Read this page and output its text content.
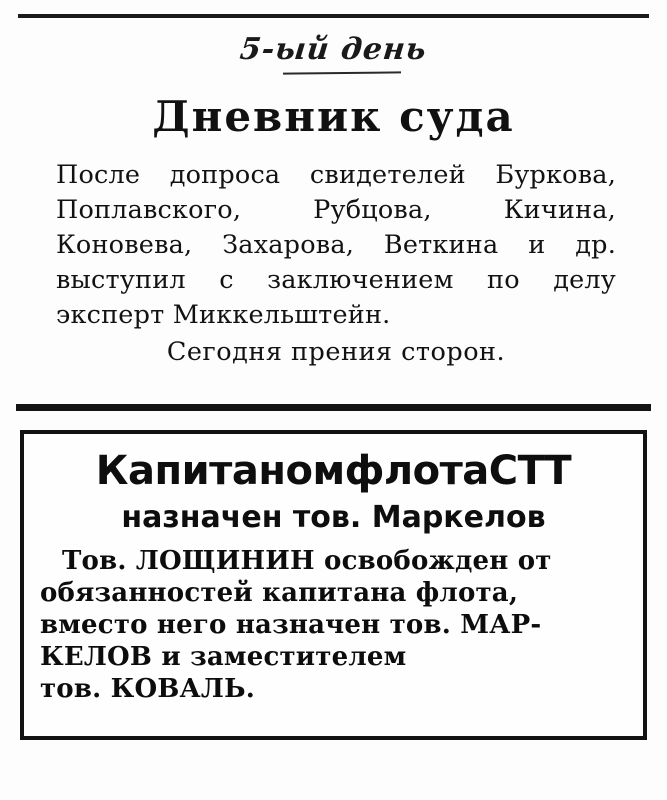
5-ый день
Дневник суда
После допроса свидетелей Буркова, Поплавского, Рубцова, Кичина, Коновева, Захарова, Веткина и др. выступил с заключением по делу эксперт Миккельштейн.
Сегодня прения сторон.
КапитаномфлотаСТТ
назначен тов. Маркелов
Тов. ЛОЩИНИН освобожден от обязанностей капитана флота, вместо него назначен тов. МАРКЕЛОВ и заместителем
тов. КОВАЛЬ.
